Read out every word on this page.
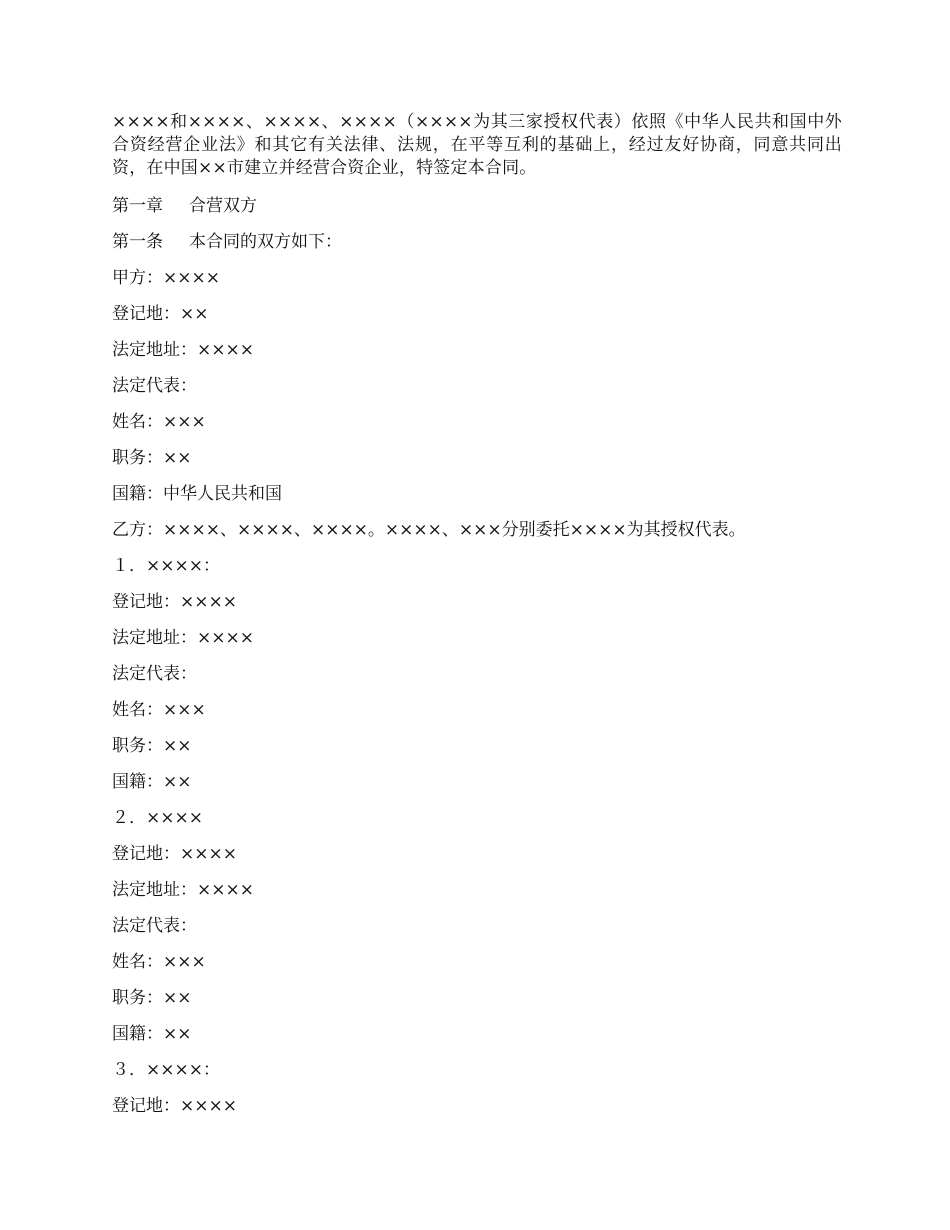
××××和××××、××××、××××（××××为其三家授权代表）依照《中华人民共和国中外合资经营企业法》和其它有关法律、法规，在平等互利的基础上，经过友好协商，同意共同出资，在中国××市建立并经营合资企业，特签定本合同。

第一章 合营双方

第一条 本合同的双方如下：

甲方：××××

登记地：××

法定地址：××××

法定代表：

姓名：×××

职务：××

国籍：中华人民共和国

乙方：××××、××××、××××。××××、×××分别委托××××为其授权代表。

１．××××：

登记地：××××

法定地址：××××

法定代表：

姓名：×××

职务：××

国籍：××

２．××××

登记地：××××

法定地址：××××

法定代表：

姓名：×××

职务：××

国籍：××

３．××××：

登记地：××××
